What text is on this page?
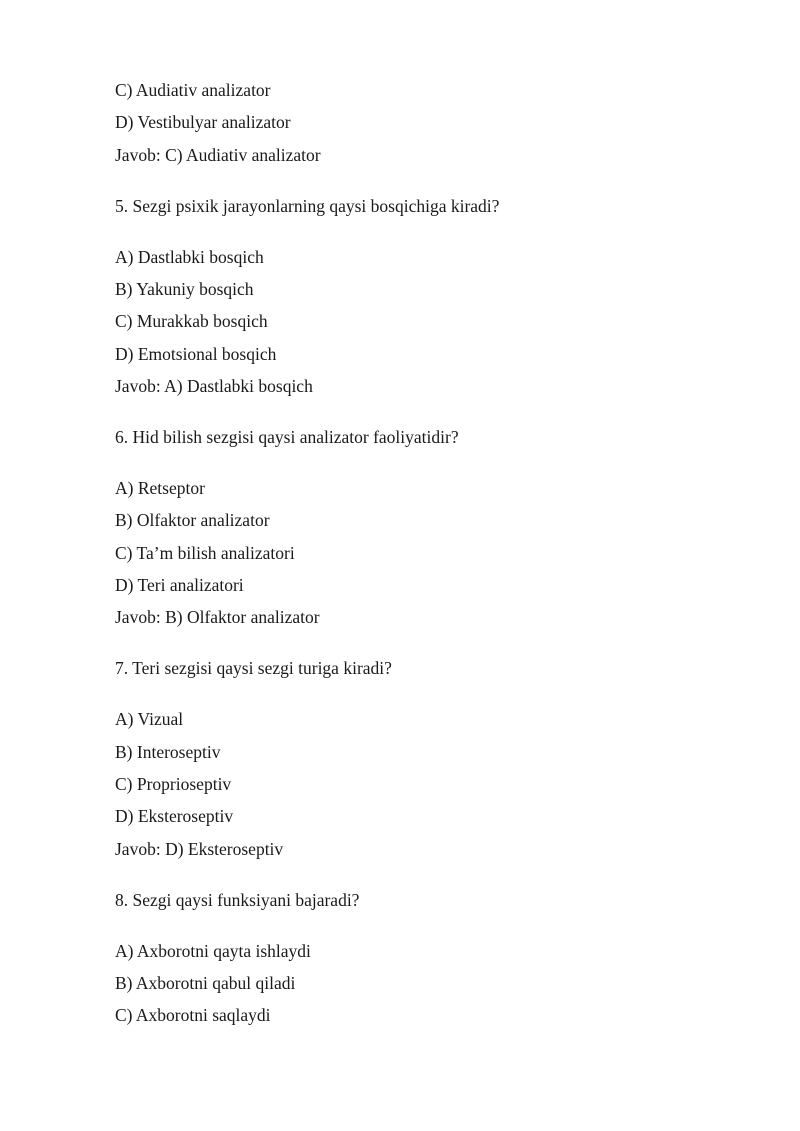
C) Audiativ analizator
D) Vestibulyar analizator
Javob: C) Audiativ analizator
5. Sezgi psixik jarayonlarning qaysi bosqichiga kiradi?
A) Dastlabki bosqich
B) Yakuniy bosqich
C) Murakkab bosqich
D) Emotsional bosqich
Javob: A) Dastlabki bosqich
6. Hid bilish sezgisi qaysi analizator faoliyatidir?
A) Retseptor
B) Olfaktor analizator
C) Ta’m bilish analizatori
D) Teri analizatori
Javob: B) Olfaktor analizator
7. Teri sezgisi qaysi sezgi turiga kiradi?
A) Vizual
B) Interoseptiv
C) Proprioseptiv
D) Eksteroseptiv
Javob: D) Eksteroseptiv
8. Sezgi qaysi funksiyani bajaradi?
A) Axborotni qayta ishlaydi
B) Axborotni qabul qiladi
C) Axborotni saqlaydi
